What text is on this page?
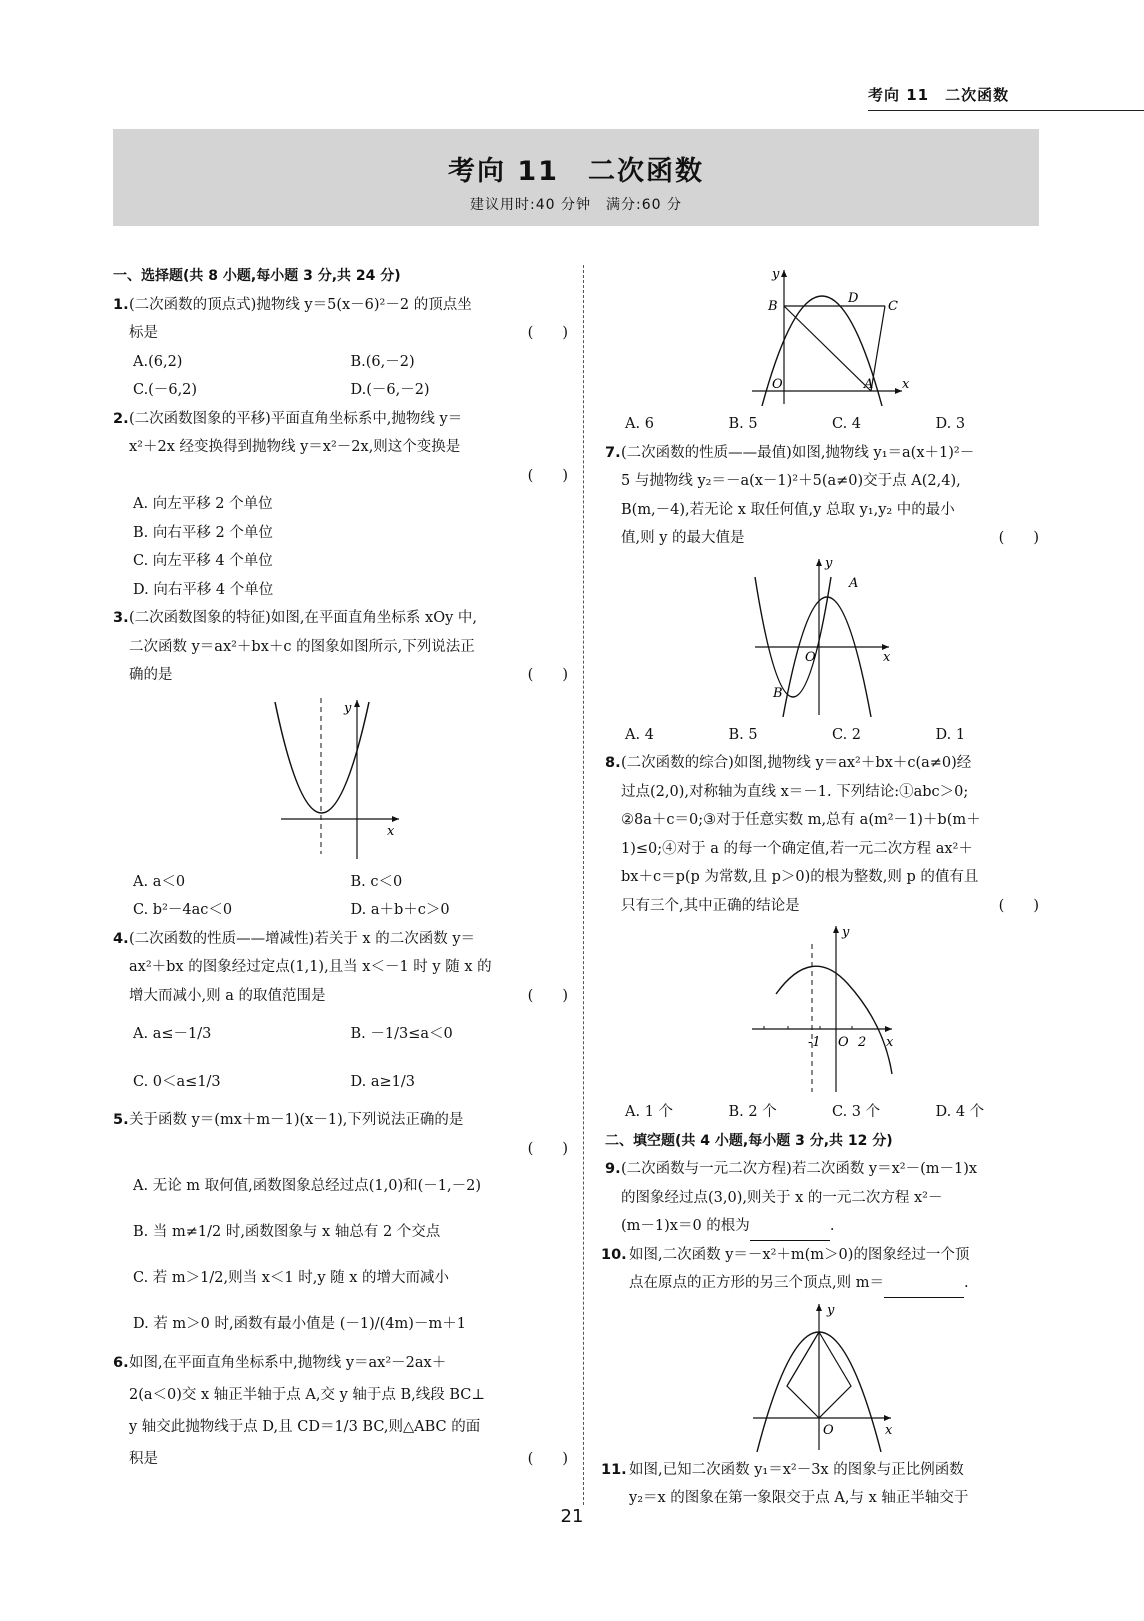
考向 11　二次函数
考向 11　二次函数
建议用时:40 分钟　满分:60 分
一、选择题(共 8 小题,每小题 3 分,共 24 分)
1. (二次函数的顶点式)抛物线 y＝5(x－6)²－2 的顶点坐
标是	(　　)
A.(6,2)	B.(6,－2)
C.(－6,2)	D.(－6,－2)
2. (二次函数图象的平移)平面直角坐标系中,抛物线 y＝
x²＋2x 经变换得到抛物线 y＝x²－2x,则这个变换是
(　　)
A. 向左平移 2 个单位
B. 向右平移 2 个单位
C. 向左平移 4 个单位
D. 向右平移 4 个单位
3. (二次函数图象的特征)如图,在平面直角坐标系 xOy 中,
二次函数 y＝ax²＋bx＋c 的图象如图所示,下列说法正
确的是	(　　)
y
x
A. a＜0	B. c＜0
C. b²－4ac＜0	D. a＋b＋c＞0
4. (二次函数的性质——增减性)若关于 x 的二次函数 y＝
ax²＋bx 的图象经过定点(1,1),且当 x＜－1 时 y 随 x 的
增大而减小,则 a 的取值范围是	(　　)
A. a≤－1/3	B. －1/3≤a＜0
C. 0＜a≤1/3	D. a≥1/3
5. 关于函数 y＝(mx＋m－1)(x－1),下列说法正确的是
(　　)
A. 无论 m 取何值,函数图象总经过点(1,0)和(－1,－2)
B. 当 m≠1/2 时,函数图象与 x 轴总有 2 个交点
C. 若 m＞1/2,则当 x＜1 时,y 随 x 的增大而减小
D. 若 m＞0 时,函数有最小值是 (－1)/(4m)－m＋1
6. 如图,在平面直角坐标系中,抛物线 y＝ax²－2ax＋
2(a＜0)交 x 轴正半轴于点 A,交 y 轴于点 B,线段 BC⊥
y 轴交此抛物线于点 D,且 CD＝1/3 BC,则△ABC 的面
积是	(　　)
y
x
B
D
C
O	A
A. 6	B. 5	C. 4	D. 3
7. (二次函数的性质——最值)如图,抛物线 y₁＝a(x＋1)²－
5 与抛物线 y₂＝－a(x－1)²＋5(a≠0)交于点 A(2,4),
B(m,－4),若无论 x 取任何值,y 总取 y₁,y₂ 中的最小
值,则 y 的最大值是	(　　)
y
x
O
A
B
A. 4	B. 5	C. 2	D. 1
8. (二次函数的综合)如图,抛物线 y＝ax²＋bx＋c(a≠0)经
过点(2,0),对称轴为直线 x＝－1. 下列结论:①abc＞0;
②8a＋c＝0;③对于任意实数 m,总有 a(m²－1)＋b(m＋
1)≤0;④对于 a 的每一个确定值,若一元二次方程 ax²＋
bx＋c＝p(p 为常数,且 p＞0)的根为整数,则 p 的值有且
只有三个,其中正确的结论是	(　　)
y
x
-1 O 2
A. 1 个	B. 2 个	C. 3 个	D. 4 个
二、填空题(共 4 小题,每小题 3 分,共 12 分)
9. (二次函数与一元二次方程)若二次函数 y＝x²－(m－1)x
的图象经过点(3,0),则关于 x 的一元二次方程 x²－
(m－1)x＝0 的根为	.
10. 如图,二次函数 y＝－x²＋m(m＞0)的图象经过一个顶
点在原点的正方形的另三个顶点,则 m＝	.
y
x
O
11. 如图,已知二次函数 y₁＝x²－3x 的图象与正比例函数
y₂＝x 的图象在第一象限交于点 A,与 x 轴正半轴交于
21
